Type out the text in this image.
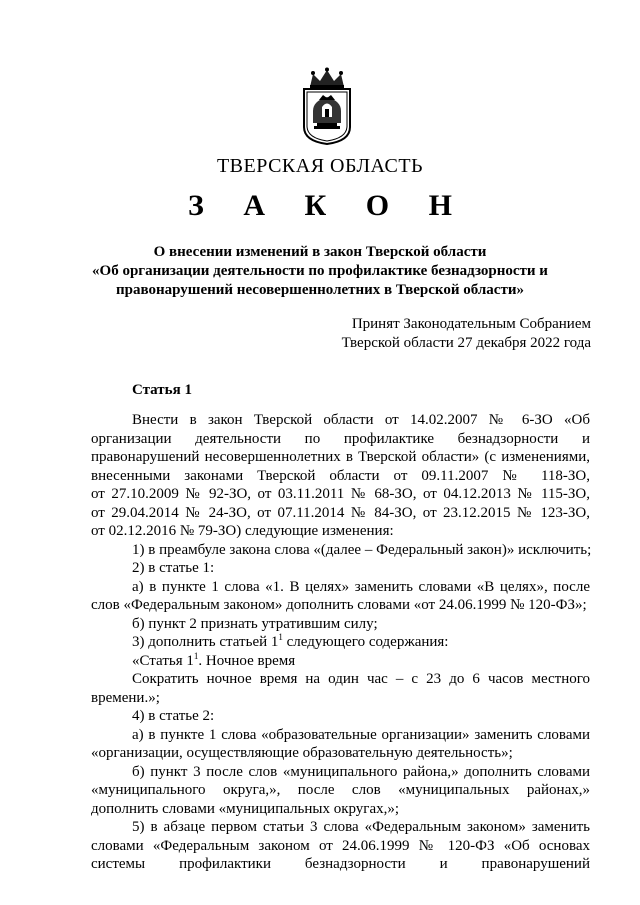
ТВЕРСКАЯ ОБЛАСТЬ
З А К О Н
О внесении изменений в закон Тверской области
«Об организации деятельности по профилактике безнадзорности и
правонарушений несовершеннолетних в Тверской области»
Принят Законодательным Собранием
Тверской области 27 декабря 2022 года
Статья 1
Внести в закон Тверской области от 14.02.2007 № 6-ЗО «Об
организации деятельности по профилактике безнадзорности и
правонарушений несовершеннолетних в Тверской области» (с изменениями,
внесенными законами Тверской области от 09.11.2007 № 118-ЗО,
от 27.10.2009 № 92-ЗО, от 03.11.2011 № 68-ЗО, от 04.12.2013 № 115-ЗО,
от 29.04.2014 № 24-ЗО, от 07.11.2014 № 84-ЗО, от 23.12.2015 № 123-ЗО,
от 02.12.2016 № 79-ЗО) следующие изменения:
1) в преамбуле закона слова «(далее – Федеральный закон)» исключить;
2) в статье 1:
а) в пункте 1 слова «1. В целях» заменить словами «В целях», после
слов «Федеральным законом» дополнить словами «от 24.06.1999 № 120-ФЗ»;
б) пункт 2 признать утратившим силу;
3) дополнить статьей $1^1$ следующего содержания:
«Статья $1^1$. Ночное время
Сократить ночное время на один час – с 23 до 6 часов местного
времени.»;
4) в статье 2:
а) в пункте 1 слова «образовательные организации» заменить словами
«организации, осуществляющие образовательную деятельность»;
б) пункт 3 после слов «муниципального района,» дополнить словами
«муниципального округа,», после слов «муниципальных районах,»
дополнить словами «муниципальных округах,»;
5) в абзаце первом статьи 3 слова «Федеральным законом» заменить
словами «Федеральным законом от 24.06.1999 № 120-ФЗ «Об основах
системы профилактики безнадзорности и правонарушений
